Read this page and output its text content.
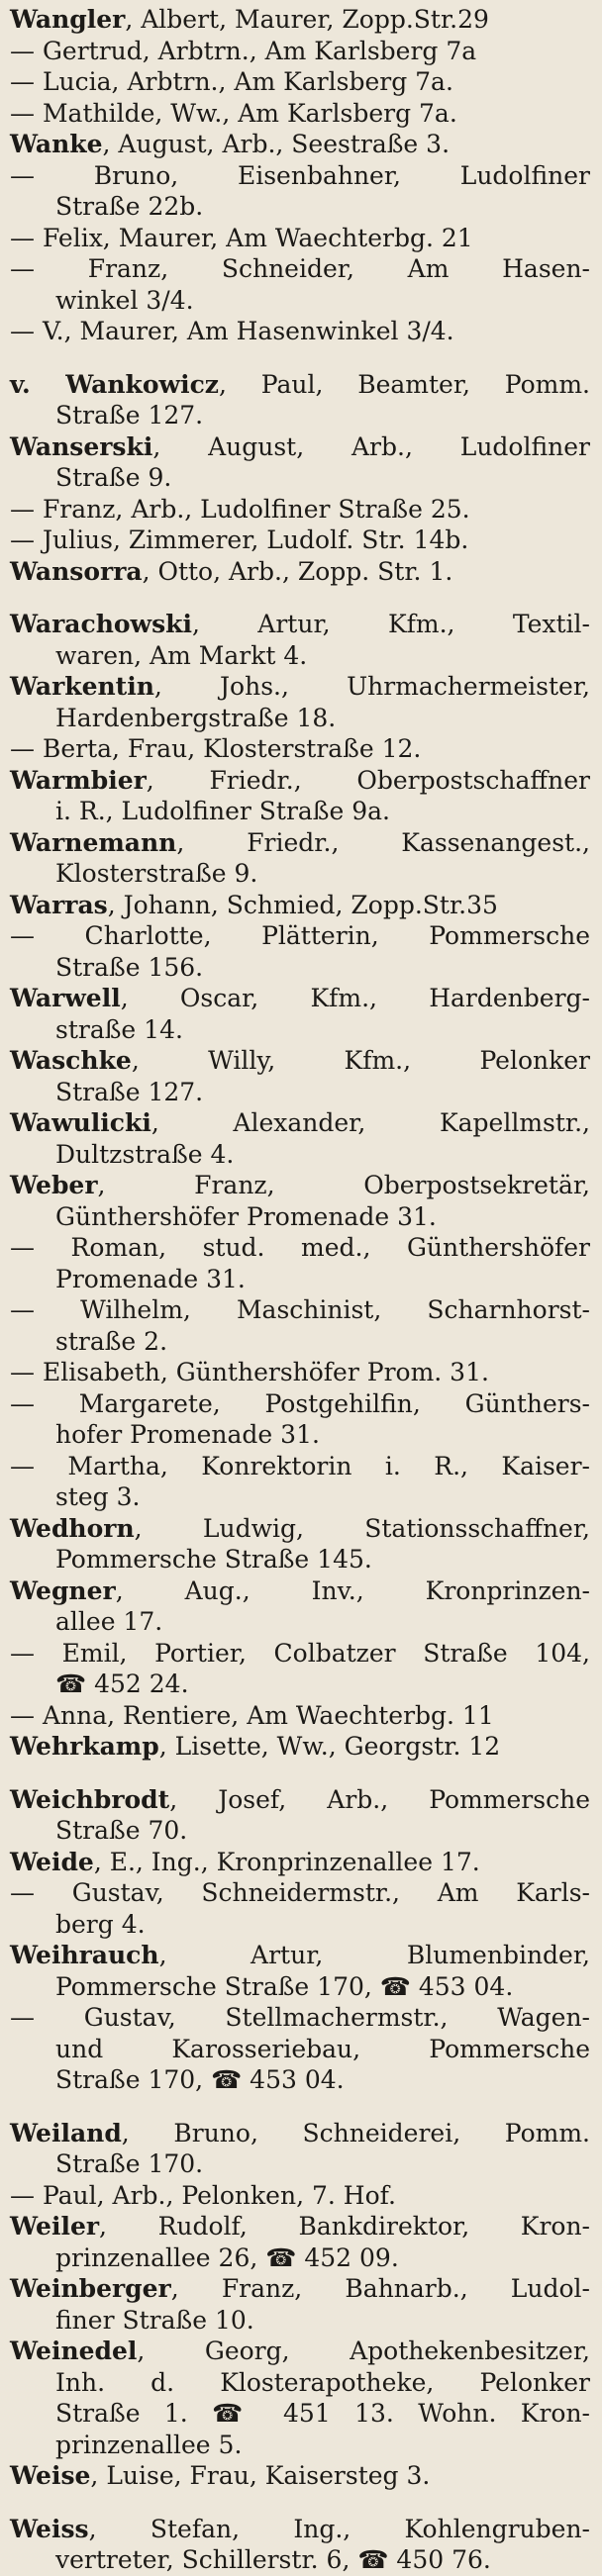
Wangler, Albert, Maurer, Zopp.Str.29
— Gertrud, Arbtrn., Am Karlsberg 7a
— Lucia, Arbtrn., Am Karlsberg 7a.
— Mathilde, Ww., Am Karlsberg 7a.
Wanke, August, Arb., Seestraße 3.
— Bruno, Eisenbahner, Ludolfiner
Straße 22b.
— Felix, Maurer, Am Waechterbg. 21
— Franz, Schneider, Am Hasen-
winkel 3/4.
— V., Maurer, Am Hasenwinkel 3/4.
v. Wankowicz, Paul, Beamter, Pomm.
Straße 127.
Wanserski, August, Arb., Ludolfiner
Straße 9.
— Franz, Arb., Ludolfiner Straße 25.
— Julius, Zimmerer, Ludolf. Str. 14b.
Wansorra, Otto, Arb., Zopp. Str. 1.
Warachowski, Artur, Kfm., Textil-
waren, Am Markt 4.
Warkentin, Johs., Uhrmachermeister,
Hardenbergstraße 18.
— Berta, Frau, Klosterstraße 12.
Warmbier, Friedr., Oberpostschaffner
i. R., Ludolfiner Straße 9a.
Warnemann, Friedr., Kassenangest.,
Klosterstraße 9.
Warras, Johann, Schmied, Zopp.Str.35
— Charlotte, Plätterin, Pommersche
Straße 156.
Warwell, Oscar, Kfm., Hardenberg-
straße 14.
Waschke, Willy, Kfm., Pelonker
Straße 127.
Wawulicki, Alexander, Kapellmstr.,
Dultzstraße 4.
Weber, Franz, Oberpostsekretär,
Günthershöfer Promenade 31.
— Roman, stud. med., Günthershöfer
Promenade 31.
— Wilhelm, Maschinist, Scharnhorst-
straße 2.
— Elisabeth, Günthershöfer Prom. 31.
— Margarete, Postgehilfin, Günthers-
hofer Promenade 31.
— Martha, Konrektorin i. R., Kaiser-
steg 3.
Wedhorn, Ludwig, Stationsschaffner,
Pommersche Straße 145.
Wegner, Aug., Inv., Kronprinzen-
allee 17.
— Emil, Portier, Colbatzer Straße 104,
☎ 452 24.
— Anna, Rentiere, Am Waechterbg. 11
Wehrkamp, Lisette, Ww., Georgstr. 12
Weichbrodt, Josef, Arb., Pommersche
Straße 70.
Weide, E., Ing., Kronprinzenallee 17.
— Gustav, Schneidermstr., Am Karls-
berg 4.
Weihrauch, Artur, Blumenbinder,
Pommersche Straße 170, ☎ 453 04.
— Gustav, Stellmachermstr., Wagen-
und Karosseriebau, Pommersche
Straße 170, ☎ 453 04.
Weiland, Bruno, Schneiderei, Pomm.
Straße 170.
— Paul, Arb., Pelonken, 7. Hof.
Weiler, Rudolf, Bankdirektor, Kron-
prinzenallee 26, ☎ 452 09.
Weinberger, Franz, Bahnarb., Ludol-
finer Straße 10.
Weinedel, Georg, Apothekenbesitzer,
Inh. d. Klosterapotheke, Pelonker
Straße 1. ☎ 451 13. Wohn. Kron-
prinzenallee 5.
Weise, Luise, Frau, Kaisersteg 3.
Weiss, Stefan, Ing., Kohlengruben-
vertreter, Schillerstr. 6, ☎ 450 76.
